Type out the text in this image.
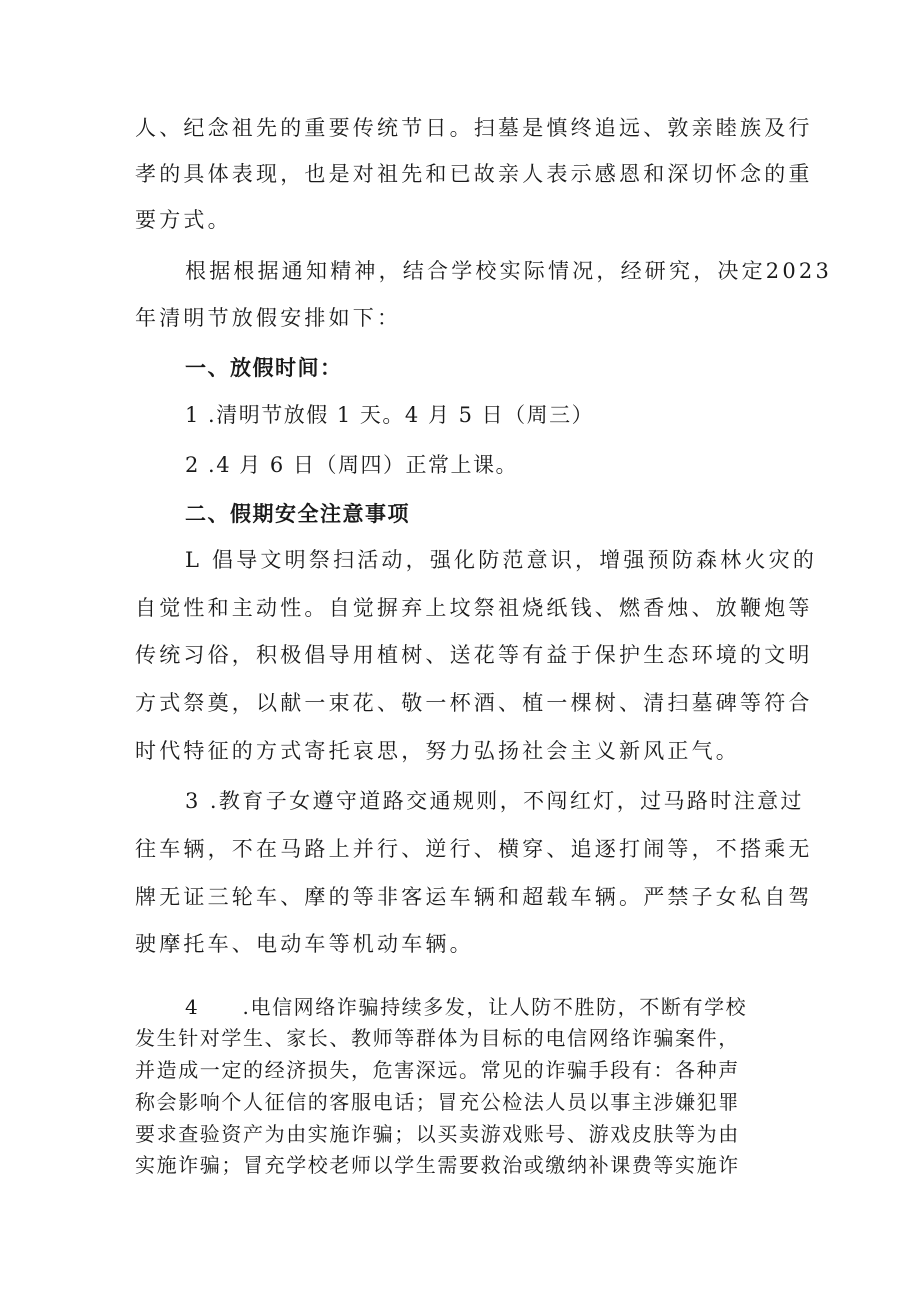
人、纪念祖先的重要传统节日。扫墓是慎终追远、敦亲睦族及行
孝的具体表现，也是对祖先和已故亲人表示感恩和深切怀念的重
要方式。
根据根据通知精神，结合学校实际情况，经研究，决定2023
年清明节放假安排如下：
一、放假时间：
1 .清明节放假 1 天。4 月 5 日（周三）
2 .4 月 6 日（周四）正常上课。
二、假期安全注意事项
L 倡导文明祭扫活动，强化防范意识，增强预防森林火灾的
自觉性和主动性。自觉摒弃上坟祭祖烧纸钱、燃香烛、放鞭炮等
传统习俗，积极倡导用植树、送花等有益于保护生态环境的文明
方式祭奠，以献一束花、敬一杯酒、植一棵树、清扫墓碑等符合
时代特征的方式寄托哀思，努力弘扬社会主义新风正气。
3 .教育子女遵守道路交通规则，不闯红灯，过马路时注意过
往车辆，不在马路上并行、逆行、横穿、追逐打闹等，不搭乘无
牌无证三轮车、摩的等非客运车辆和超载车辆。严禁子女私自驾
驶摩托车、电动车等机动车辆。
4　　.电信网络诈骗持续多发，让人防不胜防，不断有学校
发生针对学生、家长、教师等群体为目标的电信网络诈骗案件，
并造成一定的经济损失，危害深远。常见的诈骗手段有：各种声
称会影响个人征信的客服电话；冒充公检法人员以事主涉嫌犯罪
要求查验资产为由实施诈骗；以买卖游戏账号、游戏皮肤等为由
实施诈骗；冒充学校老师以学生需要救治或缴纳补课费等实施诈
